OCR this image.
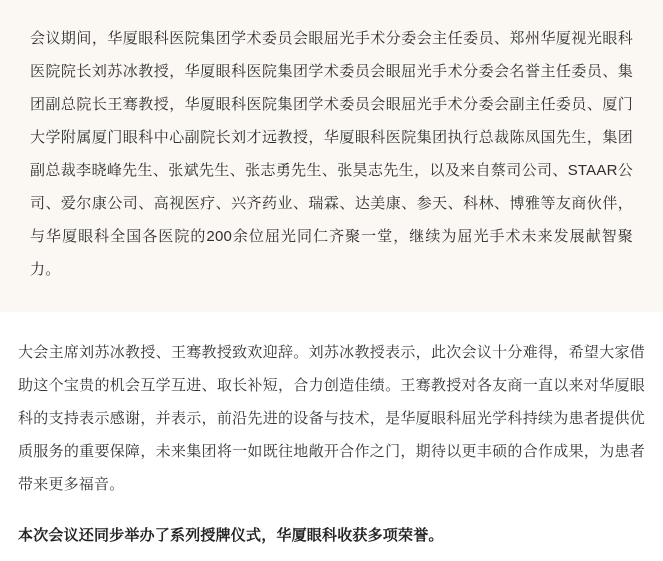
会议期间，华厦眼科医院集团学术委员会眼屈光手术分委会主任委员、郑州华厦视光眼科医院院长刘苏冰教授，华厦眼科医院集团学术委员会眼屈光手术分委会名誉主任委员、集团副总院长王骞教授，华厦眼科医院集团学术委员会眼屈光手术分委会副主任委员、厦门大学附属厦门眼科中心副院长刘才远教授，华厦眼科医院集团执行总裁陈凤国先生，集团副总裁李晓峰先生、张斌先生、张志勇先生、张昊志先生，以及来自蔡司公司、STAAR公司、爱尔康公司、高视医疗、兴齐药业、瑞霖、达美康、参天、科林、博雅等友商伙伴，与华厦眼科全国各医院的200余位屈光同仁齐聚一堂，继续为屈光手术未来发展献智聚力。

大会主席刘苏冰教授、王骞教授致欢迎辞。刘苏冰教授表示，此次会议十分难得，希望大家借助这个宝贵的机会互学互进、取长补短，合力创造佳绩。王骞教授对各友商一直以来对华厦眼科的支持表示感谢，并表示，前沿先进的设备与技术，是华厦眼科屈光学科持续为患者提供优质服务的重要保障，未来集团将一如既往地敞开合作之门，期待以更丰硕的合作成果，为患者带来更多福音。

本次会议还同步举办了系列授牌仪式，华厦眼科收获多项荣誉。
